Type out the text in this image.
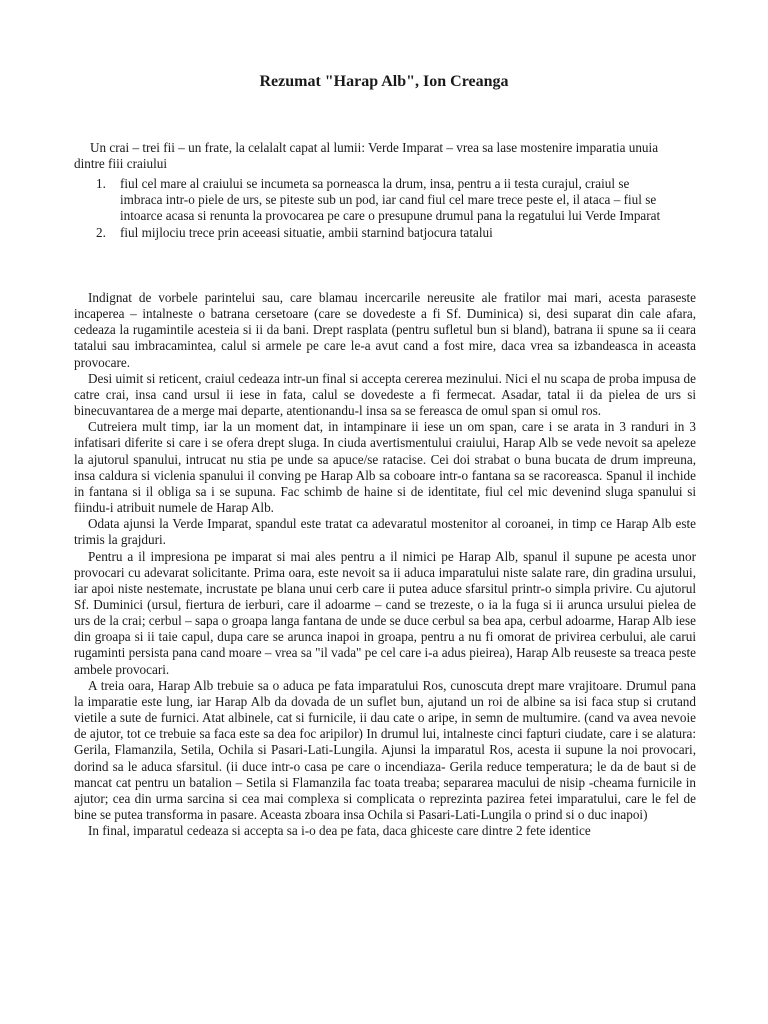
Rezumat "Harap Alb", Ion Creanga

Un crai – trei fii – un frate, la celalalt capat al lumii: Verde Imparat – vrea sa lase mostenire imparatia unuia dintre fiii craiului

1. fiul cel mare al craiului se incumeta sa porneasca la drum, insa, pentru a ii testa curajul, craiul se imbraca intr-o piele de urs, se piteste sub un pod, iar cand fiul cel mare trece peste el, il ataca – fiul se intoarce acasa si renunta la provocarea pe care o presupune drumul pana la regatului lui Verde Imparat
2. fiul mijlociu trece prin aceeasi situatie, ambii starnind batjocura tatalui

Indignat de vorbele parintelui sau, care blamau incercarile nereusite ale fratilor mai mari, acesta paraseste incaperea – intalneste o batrana cersetoare (care se dovedeste a fi Sf. Duminica) si, desi suparat din cale afara, cedeaza la rugamintile acesteia si ii da bani. Drept rasplata (pentru sufletul bun si bland), batrana ii spune sa ii ceara tatalui sau imbracamintea, calul si armele pe care le-a avut cand a fost mire, daca vrea sa izbandeasca in aceasta provocare.

Desi uimit si reticent, craiul cedeaza intr-un final si accepta cererea mezinului. Nici el nu scapa de proba impusa de catre crai, insa cand ursul ii iese in fata, calul se dovedeste a fi fermecat. Asadar, tatal ii da pielea de urs si binecuvantarea de a merge mai departe, atentionandu-l insa sa se fereasca de omul span si omul ros.

Cutreiera mult timp, iar la un moment dat, in intampinare ii iese un om span, care i se arata in 3 randuri in 3 infatisari diferite si care i se ofera drept sluga. In ciuda avertismentului craiului, Harap Alb se vede nevoit sa apeleze la ajutorul spanului, intrucat nu stia pe unde sa apuce/se ratacise. Cei doi strabat o buna bucata de drum impreuna, insa caldura si viclenia spanului il conving pe Harap Alb sa coboare intr-o fantana sa se racoreasca. Spanul il inchide in fantana si il obliga sa i se supuna. Fac schimb de haine si de identitate, fiul cel mic devenind sluga spanului si fiindu-i atribuit numele de Harap Alb.

Odata ajunsi la Verde Imparat, spandul este tratat ca adevaratul mostenitor al coroanei, in timp ce Harap Alb este trimis la grajduri.

Pentru a il impresiona pe imparat si mai ales pentru a il nimici pe Harap Alb, spanul il supune pe acesta unor provocari cu adevarat solicitante. Prima oara, este nevoit sa ii aduca imparatului niste salate rare, din gradina ursului, iar apoi niste nestemate, incrustate pe blana unui cerb care ii putea aduce sfarsitul printr-o simpla privire. Cu ajutorul Sf. Duminici (ursul, fiertura de ierburi, care il adoarme – cand se trezeste, o ia la fuga si ii arunca ursului pielea de urs de la crai; cerbul – sapa o groapa langa fantana de unde se duce cerbul sa bea apa, cerbul adoarme, Harap Alb iese din groapa si ii taie capul, dupa care se arunca inapoi in groapa, pentru a nu fi omorat de privirea cerbului, ale carui rugaminti persista pana cand moare – vrea sa "il vada" pe cel care i-a adus pieirea), Harap Alb reuseste sa treaca peste ambele provocari.

A treia oara, Harap Alb trebuie sa o aduca pe fata imparatului Ros, cunoscuta drept mare vrajitoare. Drumul pana la imparatie este lung, iar Harap Alb da dovada de un suflet bun, ajutand un roi de albine sa isi faca stup si crutand vietile a sute de furnici. Atat albinele, cat si furnicile, ii dau cate o aripe, in semn de multumire. (cand va avea nevoie de ajutor, tot ce trebuie sa faca este sa dea foc aripilor) In drumul lui, intalneste cinci fapturi ciudate, care i se alatura: Gerila, Flamanzila, Setila, Ochila si Pasari-Lati-Lungila. Ajunsi la imparatul Ros, acesta ii supune la noi provocari, dorind sa le aduca sfarsitul. (ii duce intr-o casa pe care o incendiaza- Gerila reduce temperatura; le da de baut si de mancat cat pentru un batalion – Setila si Flamanzila fac toata treaba; separarea macului de nisip -cheama furnicile in ajutor; cea din urma sarcina si cea mai complexa si complicata o reprezinta pazirea fetei imparatului, care le fel de bine se putea transforma in pasare. Aceasta zboara insa Ochila si Pasari-Lati-Lungila o prind si o duc inapoi)

In final, imparatul cedeaza si accepta sa i-o dea pe fata, daca ghiceste care dintre 2 fete identice
